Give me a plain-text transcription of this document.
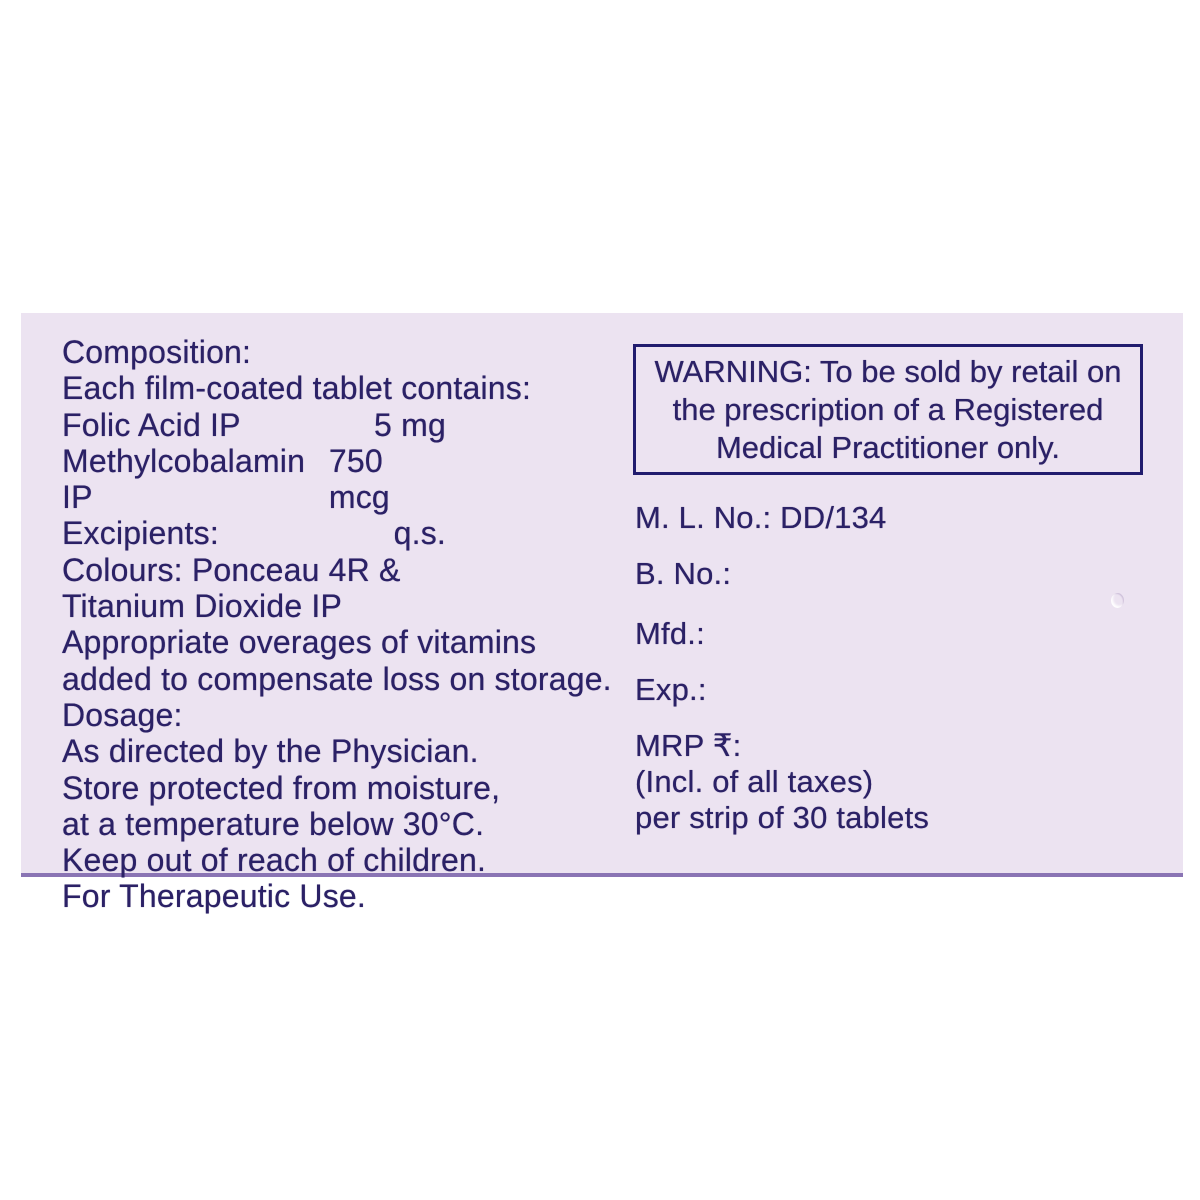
Composition:
Each film-coated tablet contains:
Folic Acid IP	5 mg
Methylcobalamin IP
750 mcg
Excipients:	q.s.
Colours: Ponceau 4R &
Titanium Dioxide IP
Appropriate overages of vitamins
added to compensate loss on storage.
Dosage:
As directed by the Physician.
Store protected from moisture,
at a temperature below 30°C.
Keep out of reach of children.
For Therapeutic Use.
WARNING: To be sold by retail on
the prescription of a Registered
Medical Practitioner only.
M. L. No.: DD/134
B. No.:
Mfd.:
Exp.:
MRP ₹:
(Incl. of all taxes)
per strip of 30 tablets
